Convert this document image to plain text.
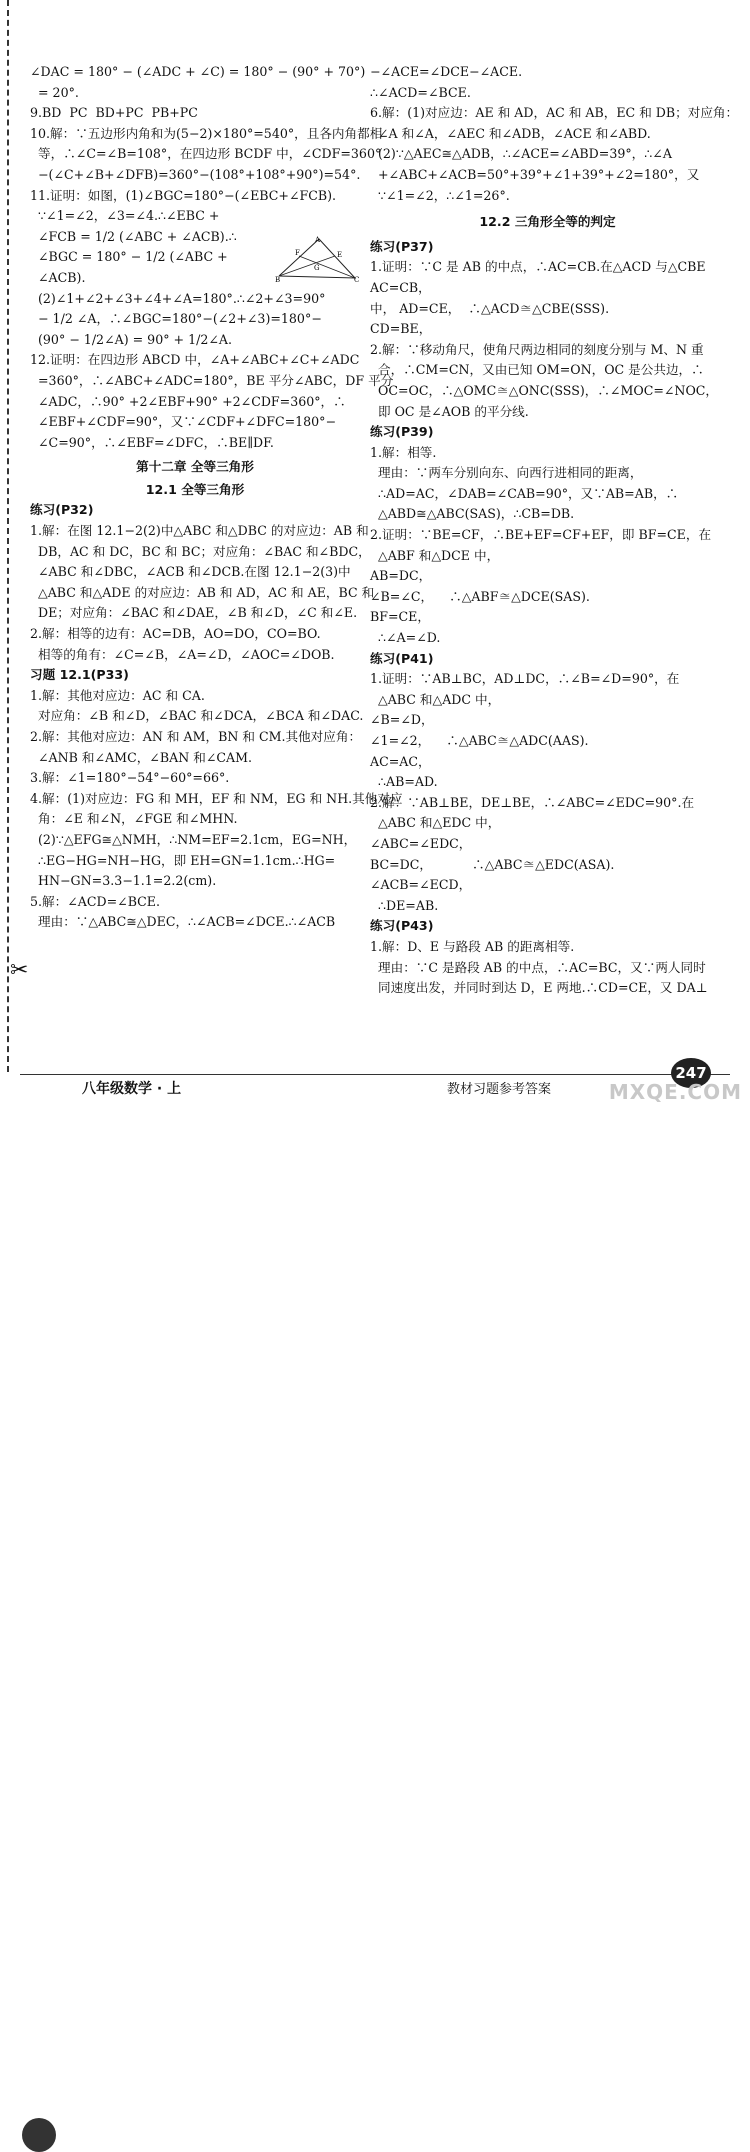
✂
∠DAC = 180° − (∠ADC + ∠C) = 180° − (90° + 70°)
= 20°.
9.BD  PC  BD+PC  PB+PC
10.解：∵五边形内角和为(5−2)×180°=540°，且各内角都相
等，∴∠C=∠B=108°，在四边形 BCDF 中，∠CDF=360°
−(∠C+∠B+∠DFB)=360°−(108°+108°+90°)=54°.
11.证明：如图，(1)∠BGC=180°−(∠EBC+∠FCB).
∵∠1=∠2，∠3=∠4.∴∠EBC +
∠FCB = 1/2 (∠ABC + ∠ACB).∴
∠BGC = 180° − 1/2 (∠ABC +
∠ACB).
(2)∠1+∠2+∠3+∠4+∠A=180°.∴∠2+∠3=90°
− 1/2 ∠A，∴∠BGC=180°−(∠2+∠3)=180°−
(90° − 1/2∠A) = 90° + 1/2∠A.
12.证明：在四边形 ABCD 中，∠A+∠ABC+∠C+∠ADC
=360°，∴∠ABC+∠ADC=180°，BE 平分∠ABC，DF 平分
∠ADC，∴90° +2∠EBF+90° +2∠CDF=360°，∴
∠EBF+∠CDF=90°，又∵∠CDF+∠DFC=180°−
∠C=90°，∴∠EBF=∠DFC，∴BE∥DF.
第十二章 全等三角形
12.1 全等三角形
练习(P32)
1.解：在图 12.1−2(2)中△ABC 和△DBC 的对应边：AB 和
DB，AC 和 DC，BC 和 BC；对应角：∠BAC 和∠BDC，
∠ABC 和∠DBC，∠ACB 和∠DCB.在图 12.1−2(3)中
△ABC 和△ADE 的对应边：AB 和 AD，AC 和 AE，BC 和
DE；对应角：∠BAC 和∠DAE，∠B 和∠D，∠C 和∠E.
2.解：相等的边有：AC=DB，AO=DO，CO=BO.
相等的角有：∠C=∠B，∠A=∠D，∠AOC=∠DOB.
习题 12.1(P33)
1.解：其他对应边：AC 和 CA.
对应角：∠B 和∠D，∠BAC 和∠DCA，∠BCA 和∠DAC.
2.解：其他对应边：AN 和 AM，BN 和 CM.其他对应角：
∠ANB 和∠AMC，∠BAN 和∠CAM.
3.解：∠1=180°−54°−60°=66°.
4.解：(1)对应边：FG 和 MH，EF 和 NM，EG 和 NH.其他对应
角：∠E 和∠N，∠FGE 和∠MHN.
(2)∵△EFG≅△NMH，∴NM=EF=2.1cm，EG=NH，
∴EG−HG=NH−HG，即 EH=GN=1.1cm.∴HG=
HN−GN=3.3−1.1=2.2(cm).
5.解：∠ACD=∠BCE.
理由：∵△ABC≅△DEC，∴∠ACB=∠DCE.∴∠ACB
A
F	E
G
B	C
−∠ACE=∠DCE−∠ACE.
∴∠ACD=∠BCE.
6.解：(1)对应边：AE 和 AD，AC 和 AB，EC 和 DB；对应角：
∠A 和∠A，∠AEC 和∠ADB，∠ACE 和∠ABD.
(2)∵△AEC≅△ADB，∴∠ACE=∠ABD=39°，∴∠A
+∠ABC+∠ACB=50°+39°+∠1+39°+∠2=180°，又
∵∠1=∠2，∴∠1=26°.
12.2 三角形全等的判定
练习(P37)
1.证明：∵C 是 AB 的中点，∴AC=CB.在△ACD 与△CBE
AC=CB，
中， AD=CE，  ∴△ACD≅△CBE(SSS).
CD=BE，
2.解：∵移动角尺，使角尺两边相同的刻度分别与 M、N 重
合，∴CM=CN，又由已知 OM=ON，OC 是公共边，∴
OC=OC，∴△OMC≅△ONC(SSS)，∴∠MOC=∠NOC，
即 OC 是∠AOB 的平分线.
练习(P39)
1.解：相等.
理由：∵两车分别向东、向西行进相同的距离，
∴AD=AC，∠DAB=∠CAB=90°，又∵AB=AB，∴
△ABD≅△ABC(SAS)，∴CB=DB.
2.证明：∵BE=CF，∴BE+EF=CF+EF，即 BF=CE，在
△ABF 和△DCE 中，
AB=DC，
∠B=∠C，    ∴△ABF≅△DCE(SAS).
BF=CE，
∴∠A=∠D.
练习(P41)
1.证明：∵AB⊥BC，AD⊥DC，∴∠B=∠D=90°，在
△ABC 和△ADC 中，
∠B=∠D，
∠1=∠2，    ∴△ABC≅△ADC(AAS).
AC=AC，
∴AB=AD.
2.解：∵AB⊥BE，DE⊥BE，∴∠ABC=∠EDC=90°.在
△ABC 和△EDC 中，
∠ABC=∠EDC，
BC=DC，          ∴△ABC≅△EDC(ASA).
∠ACB=∠ECD，
∴DE=AB.
练习(P43)
1.解：D、E 与路段 AB 的距离相等.
理由：∵C 是路段 AB 的中点，∴AC=BC，又∵两人同时
同速度出发，并同时到达 D，E 两地.∴CD=CE，又 DA⊥
八年级数学 · 上	教材习题参考答案
247
MXQE.COM
